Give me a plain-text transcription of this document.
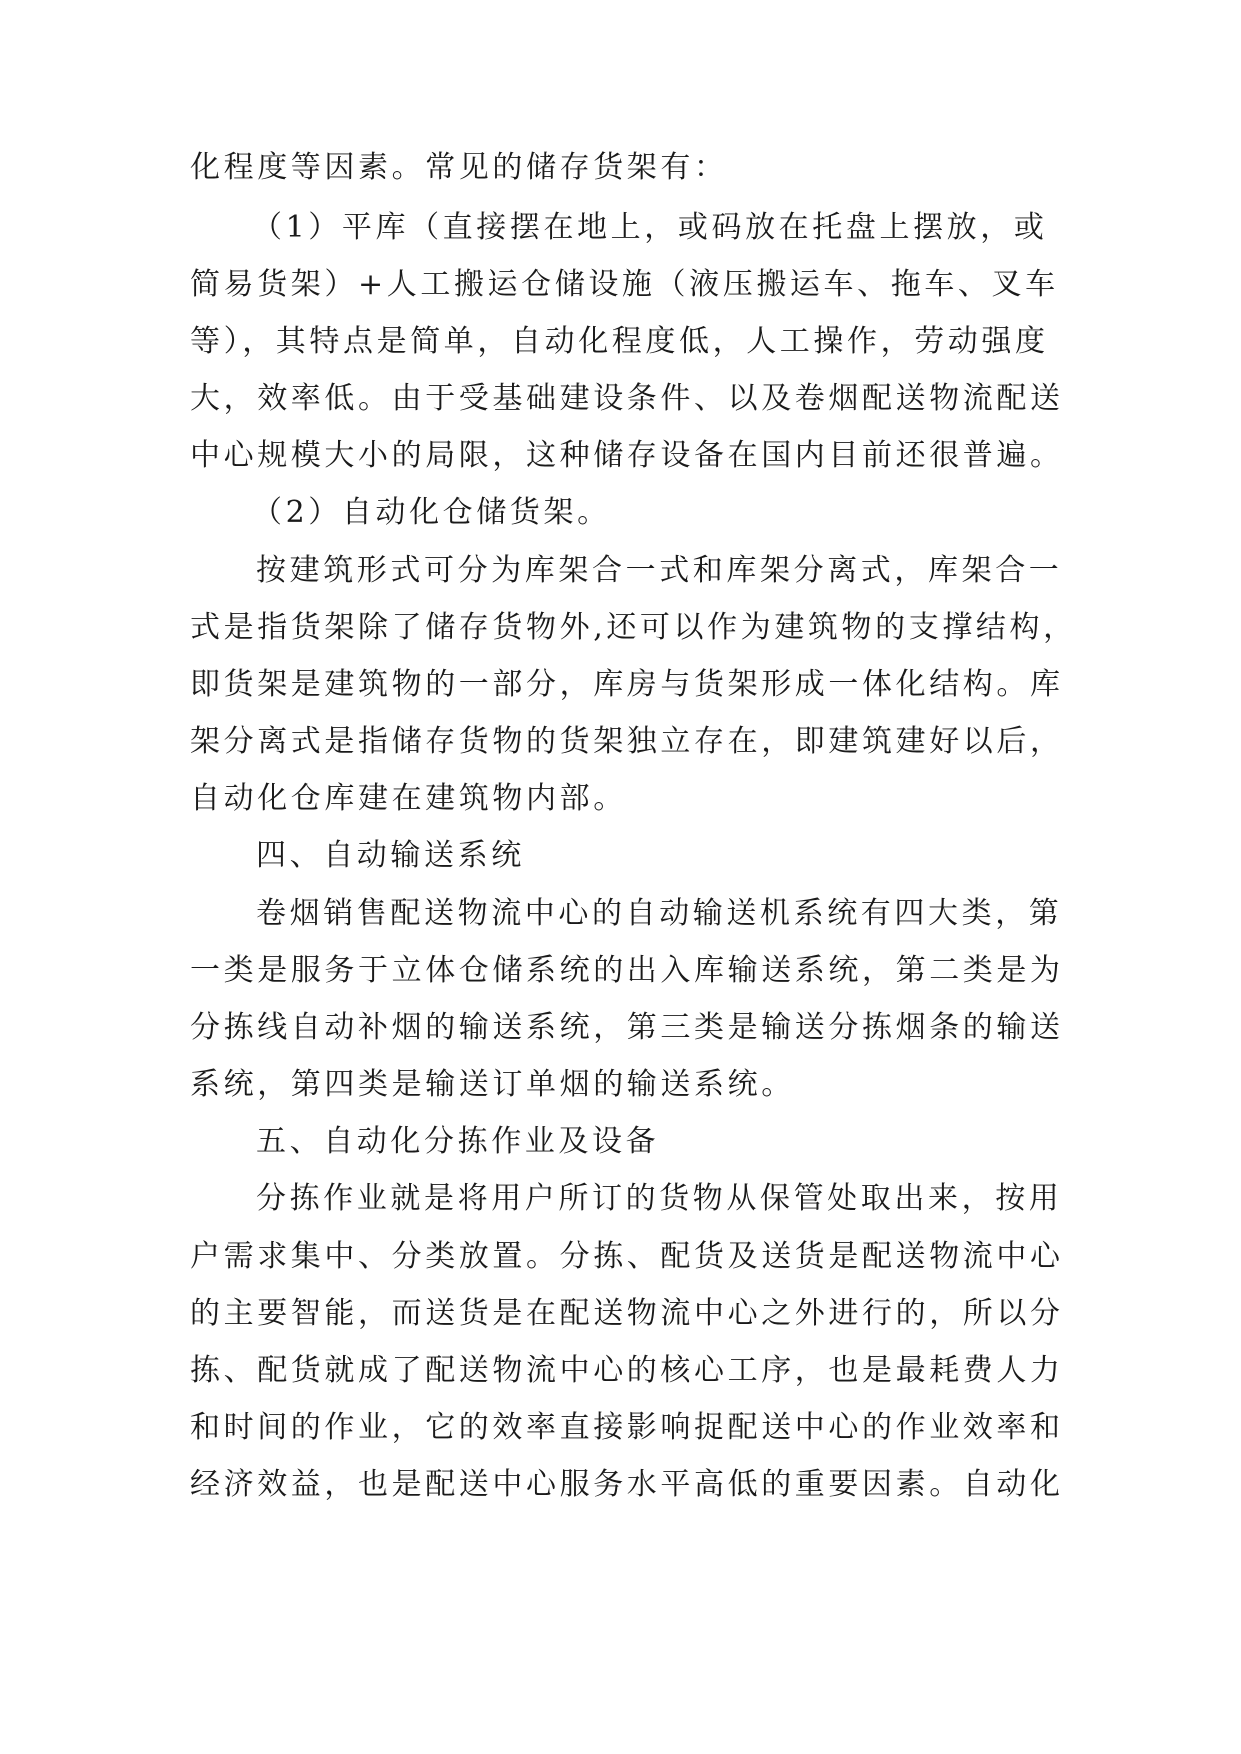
化程度等因素。常见的储存货架有：
（1）平库（直接摆在地上，或码放在托盘上摆放，或
简易货架）+人工搬运仓储设施（液压搬运车、拖车、叉车
等），其特点是简单，自动化程度低，人工操作，劳动强度
大，效率低。由于受基础建设条件、以及卷烟配送物流配送
中心规模大小的局限，这种储存设备在国内目前还很普遍。
（2）自动化仓储货架。
按建筑形式可分为库架合一式和库架分离式，库架合一
式是指货架除了储存货物外,还可以作为建筑物的支撑结构，
即货架是建筑物的一部分，库房与货架形成一体化结构。库
架分离式是指储存货物的货架独立存在，即建筑建好以后，
自动化仓库建在建筑物内部。
四、自动输送系统
卷烟销售配送物流中心的自动输送机系统有四大类，第
一类是服务于立体仓储系统的出入库输送系统，第二类是为
分拣线自动补烟的输送系统，第三类是输送分拣烟条的输送
系统，第四类是输送订单烟的输送系统。
五、自动化分拣作业及设备
分拣作业就是将用户所订的货物从保管处取出来，按用
户需求集中、分类放置。分拣、配货及送货是配送物流中心
的主要智能，而送货是在配送物流中心之外进行的，所以分
拣、配货就成了配送物流中心的核心工序，也是最耗费人力
和时间的作业，它的效率直接影响捉配送中心的作业效率和
经济效益，也是配送中心服务水平高低的重要因素。自动化
